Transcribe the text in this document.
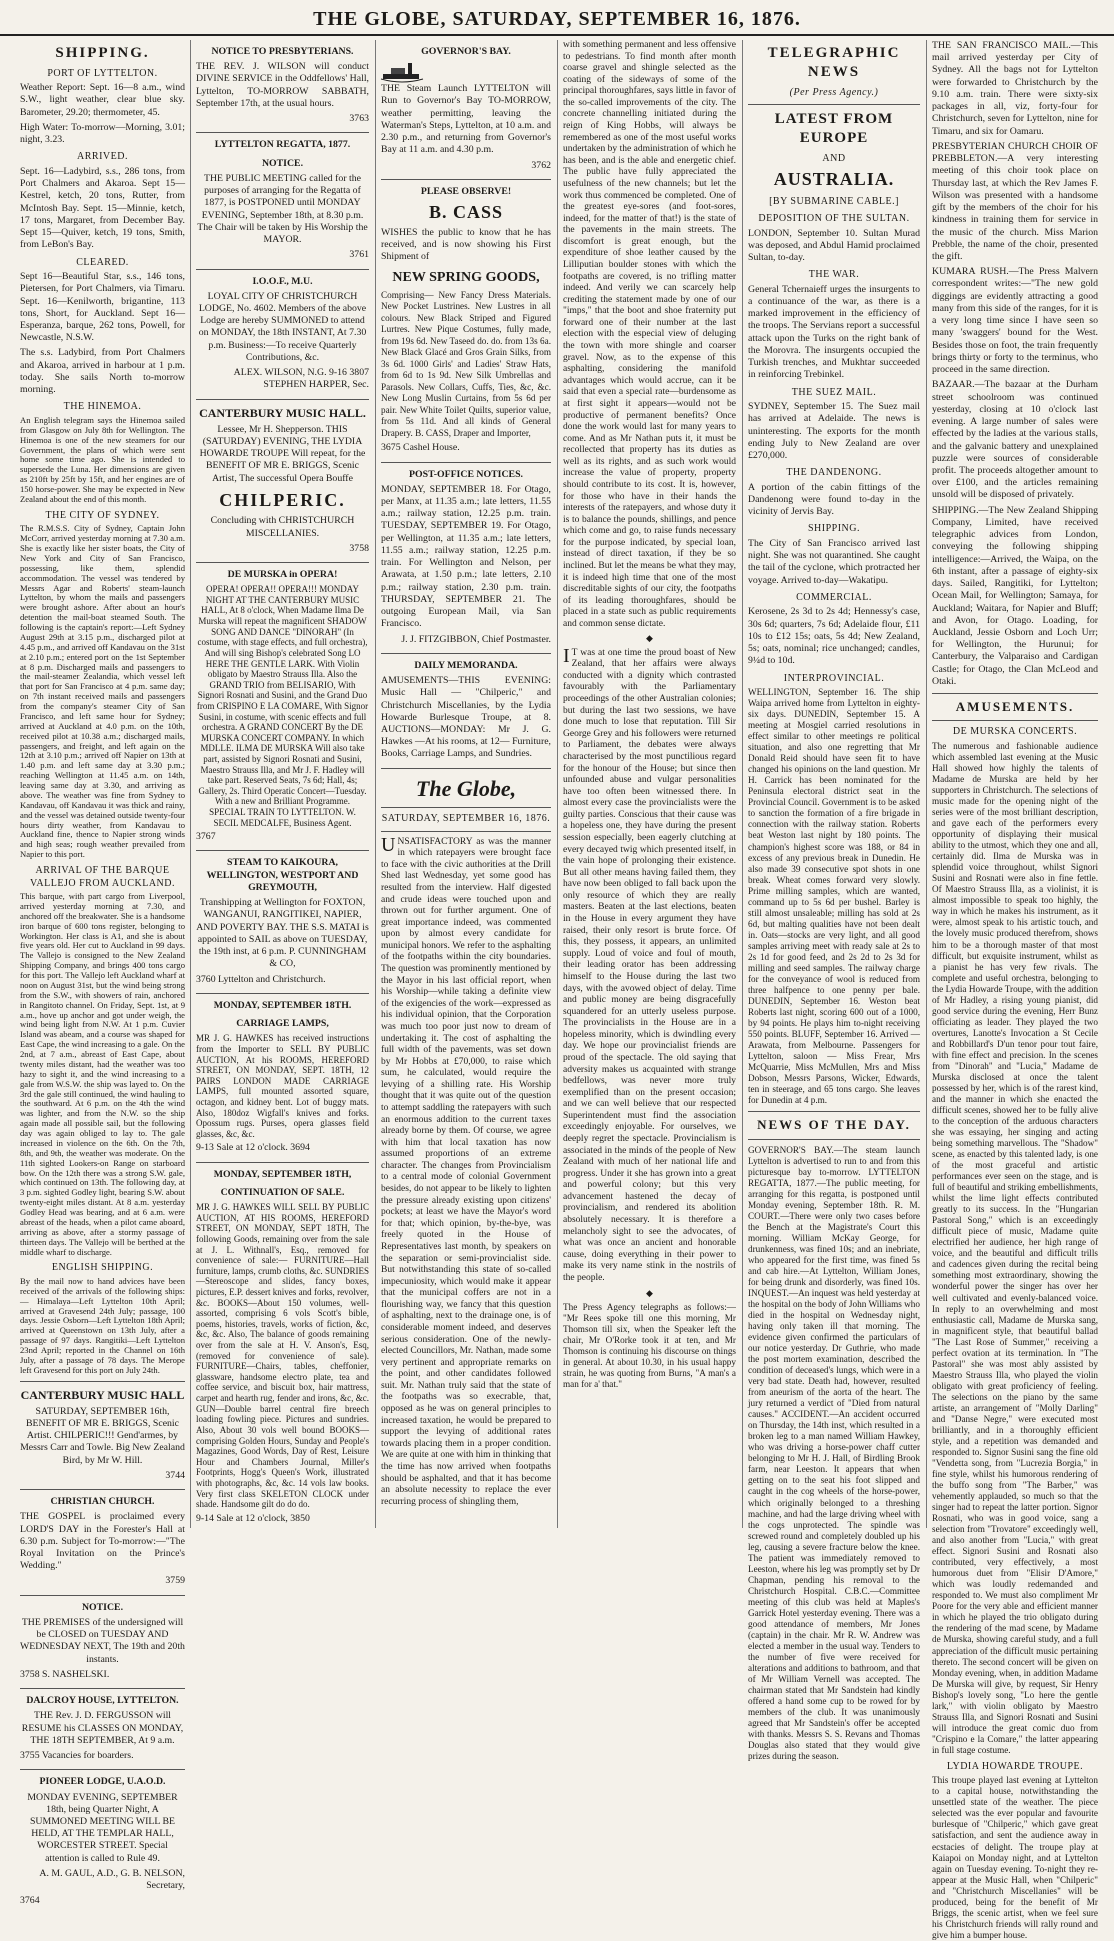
THE GLOBE, SATURDAY, SEPTEMBER 16, 1876.
SHIPPING.
PORT OF LYTTELTON.

Weather Report: Sept. 16—8 a.m., wind S.W., light weather, clear blue sky. Barometer, 29.20; thermometer, 45.

High Water: To-morrow—Morning, 3.01; night, 3.23.

ARRIVED.

Sept. 16—Ladybird, s.s., 286 tons, from Port Chalmers and Akaroa. Sept 15—Kestrel, ketch, 20 tons, Rutter, from McIntosh Bay. Sept. 15—Minnie, ketch, 17 tons, Margaret, from December Bay. Sept 15—Quiver, ketch, 19 tons, Smith, from LeBon's Bay.

CLEARED.

Sept 16—Beautiful Star, s.s., 146 tons, Pietersen, for Port Chalmers, via Timaru. Sept. 16—Kenilworth, brigantine, 113 tons, Short, for Auckland. Sept 16—Esperanza, barque, 262 tons, Powell, for Newcastle, N.S.W.

The s.s. Ladybird, from Port Chalmers and Akaroa, arrived in harbour at 1 p.m. today. She sails North to-morrow morning.

THE HINEMOA.

An English telegram says the Hinemoa sailed from Glasgow on July 8th for Wellington. The Hinemoa is one of the new steamers for our Government, the plans of which were sent home some time ago. She is intended to supersede the Luna. Her dimensions are given as 210ft by 25ft by 15ft, and her engines are of 150 horse-power. She may be expected in New Zealand about the end of this month.

THE CITY OF SYDNEY.

The R.M.S.S. City of Sydney, Captain John McCorr, arrived yesterday morning at 7.30 a.m. She is exactly like her sister boats, the City of New York and City of San Francisco, possessing, like them, splendid accommodation. The vessel was tendered by Messrs Agar and Roberts' steam-launch Lyttelton, by whom the mails and passengers were brought ashore. After about an hour's detention the mail-boat steamed South. The following is the captain's report:—Left Sydney August 29th at 3.15 p.m., discharged pilot at 4.45 p.m., and arrived off Kandavau on the 31st at 2.10 p.m.; entered port on the 1st September at 8 p.m. Discharged mails and passengers to the mail-steamer Zealandia, which vessel left that port for San Francisco at 4 p.m. same day; on 7th instant received mails and passengers from the company's steamer City of San Francisco, and left same hour for Sydney; arrived at Auckland at 4.0 p.m. on the 10th, received pilot at 10.38 a.m.; discharged mails, passengers, and freight, and left again on the 12th at 3.10 p.m.; arrived off Napier on 13th at 1.40 p.m. and left same day at 3.30 p.m.; reaching Wellington at 11.45 a.m. on 14th, leaving same day at 3.30, and arriving as above. The weather was fine from Sydney to Kandavau, off Kandavau it was thick and rainy, and the vessel was detained outside twenty-four hours dirty weather, from Kandavau to Auckland fine, thence to Napier strong winds and high seas; rough weather prevailed from Napier to this port.

ARRIVAL OF THE BARQUE VALLEJO FROM AUCKLAND.

This barque, with part cargo from Liverpool, arrived yesterday morning at 7.30, and anchored off the breakwater. She is a handsome iron barque of 600 tons register, belonging to Workington. Her class is A1, and she is about five years old. Her cut to Auckland in 99 days. The Vallejo is consigned to the New Zealand Shipping Company, and brings 400 tons cargo for this port. The Vallejo left Auckland wharf at noon on August 31st, but the wind being strong from the S.W., with showers of rain, anchored in Rangitoto channel. On Friday, Sept. 1st, at 9 a.m., hove up anchor and got under weigh, the wind being light from N.W. At 1 p.m. Cuvier Island was abeam, and a course was shaped for East Cape, the wind increasing to a gale. On the 2nd, at 7 a.m., abreast of East Cape, about twenty miles distant, had the weather was too hazy to sight it, and the wind increasing to a gale from W.S.W. the ship was layed to. On the 3rd the gale still continued, the wind hauling to the southward. At 6 p.m. on the 4th the wind was lighter, and from the N.W. so the ship again made all possible sail, but the following day was again obliged to lay to. The gale increased in violence on the 6th. On the 7th, 8th, and 9th, the weather was moderate. On the 11th sighted Lookers-on Range on starboard bow. On the 12th there was a strong S.W. gale, which continued on 13th. The following day, at 3 p.m. sighted Godley light, bearing S.W. about twenty-eight miles distant. At 8 a.m. yesterday Godley Head was bearing, and at 6 a.m. were abreast of the heads, when a pilot came aboard, arriving as above, after a stormy passage of thirteen days. The Vallejo will be berthed at the middle wharf to discharge.

ENGLISH SHIPPING.

By the mail now to hand advices have been received of the arrivals of the following ships:— Himalaya—Left Lyttelton 10th April; arrived at Gravesend 24th July; passage, 100 days. Jessie Osborn—Left Lyttelton 18th April; arrived at Queenstown on 13th July, after a passage of 97 days. Rangitiki—Left Lyttelton 23nd April; reported in the Channel on 16th July, after a passage of 78 days. The Merope left Gravesend for this port on July 24th.

CANTERBURY MUSIC HALL

SATURDAY, SEPTEMBER 16th, BENEFIT OF MR E. BRIGGS, Scenic Artist. CHILPERIC!!! Gend'armes, by Messrs Carr and Towle. Big New Zealand Bird, by Mr W. Hill.

3744

CHRISTIAN CHURCH.

THE GOSPEL is proclaimed every LORD'S DAY in the Forester's Hall at 6.30 p.m. Subject for To-morrow:—"The Royal Invitation on the Prince's Wedding."

3759

NOTICE.

THE PREMISES of the undersigned will be CLOSED on TUESDAY AND WEDNESDAY NEXT, The 19th and 20th instants.

3758 S. NASHELSKI.

DALCROY HOUSE, LYTTELTON.

THE Rev. J. D. FERGUSSON will RESUME his CLASSES ON MONDAY, THE 18TH SEPTEMBER, At 9 a.m.

3755 Vacancies for boarders.

PIONEER LODGE, U.A.O.D.

MONDAY EVENING, SEPTEMBER 18th, being Quarter Night, A SUMMONED MEETING WILL BE HELD, AT THE TEMPLAR HALL, WORCESTER STREET. Special attention is called to Rule 49.

A. M. GAUL, A.D., G. B. NELSON, Secretary,

3764

NOTICE TO PRESBYTERIANS.

THE REV. J. WILSON will conduct DIVINE SERVICE in the Oddfellows' Hall, Lyttelton, TO-MORROW SABBATH, September 17th, at the usual hours.

3763

LYTTELTON REGATTA, 1877.
NOTICE.

THE PUBLIC MEETING called for the purposes of arranging for the Regatta of 1877, is POSTPONED until MONDAY EVENING, September 18th, at 8.30 p.m. The Chair will be taken by His Worship the MAYOR.

3761

I.O.O.F., M.U.

LOYAL CITY OF CHRISTCHURCH LODGE, No. 4602. Members of the above Lodge are hereby SUMMONED to attend on MONDAY, the 18th INSTANT, At 7.30 p.m. Business:—To receive Quarterly Contributions, &c.

ALEX. WILSON, N.G. 9-16 3807 STEPHEN HARPER, Sec.

CANTERBURY MUSIC HALL.

Lessee, Mr H. Shepperson. THIS (SATURDAY) EVENING, THE LYDIA HOWARDE TROUPE Will repeat, for the BENEFIT OF MR E. BRIGGS, Scenic Artist, The successful Opera Bouffe

CHILPERIC.

Concluding with CHRISTCHURCH MISCELLANIES.

3758

DE MURSKA in OPERA!

OPERA! OPERA!! OPERA!!! MONDAY NIGHT AT THE CANTERBURY MUSIC HALL, At 8 o'clock, When Madame Ilma De Murska will repeat the magnificent SHADOW SONG AND DANCE "DINORAH" (In costume, with stage effects, and full orchestra), And will sing Bishop's celebrated Song LO HERE THE GENTLE LARK. With Violin obligato by Maestro Strauss Illa. Also the GRAND TRIO from BELISARIO, With Signori Rosnati and Susini, and the Grand Duo from CRISPINO E LA COMARE, With Signor Susini, in costume, with scenic effects and full orchestra. A GRAND CONCERT By the DE MURSKA CONCERT COMPANY. In which MDLLE. ILMA DE MURSKA Will also take part, assisted by Signori Rosnati and Susini, Maestro Strauss Illa, and Mr J. F. Hadley will take part. Reserved Seats, 7s 6d; Hall, 4s; Gallery, 2s. Third Operatic Concert—Tuesday. With a new and Brilliant Programme. SPECIAL TRAIN TO LYTTELTON. W. SECIL MEDCALFE, Business Agent.

3767

STEAM TO KAIKOURA, WELLINGTON, WESTPORT AND GREYMOUTH,

Transhipping at Wellington for FOXTON, WANGANUI, RANGITIKEI, NAPIER, AND POVERTY BAY. THE S.S. MATAI is appointed to SAIL as above on TUESDAY, the 19th inst, at 6 p.m. P. CUNNINGHAM & CO,

3760 Lyttelton and Christchurch.

MONDAY, SEPTEMBER 18TH.
CARRIAGE LAMPS,

MR J. G. HAWKES has received instructions from the Importer to SELL BY PUBLIC AUCTION, At his ROOMS, HEREFORD STREET, ON MONDAY, SEPT. 18TH, 12 PAIRS LONDON MADE CARRIAGE LAMPS, full mounted assorted square, octagon, and kidney bent. Lot of buggy mats. Also, 180doz Wigfall's knives and forks. Opossum rugs. Purses, opera glasses field glasses, &c, &c.

9-13 Sale at 12 o'clock. 3694

MONDAY, SEPTEMBER 18TH,
CONTINUATION OF SALE.

MR J. G. HAWKES WILL SELL BY PUBLIC AUCTION, AT HIS ROOMS, HEREFORD STREET, ON MONDAY, SEPT 18TH, The following Goods, remaining over from the sale at J. L. Withnall's, Esq., removed for convenience of sale:— FURNITURE—Hall furniture, lamps, crumb cloths, &c. SUNDRIES—Stereoscope and slides, fancy boxes, pictures, E.P. dessert knives and forks, revolver, &c. BOOKS—About 150 volumes, well-assorted, comprising 6 vols Scott's bible, poems, histories, travels, works of fiction, &c, &c, &c. Also, The balance of goods remaining over from the sale at H. V. Anson's, Esq, (removed for convenience of sale). FURNITURE—Chairs, tables, cheffonier, glassware, handsome electro plate, tea and coffee service, and biscuit box, hair mattress, carpet and hearth rug, fender and irons, &c, &c. GUN—Double barrel central fire breech loading fowling piece. Pictures and sundries. Also, About 30 vols well bound BOOKS—comprising Golden Hours, Sunday and People's Magazines, Good Words, Day of Rest, Leisure Hour and Chambers Journal, Miller's Footprints, Hogg's Queen's Work, illustrated with photographs, &c, &c. 14 vols law books. Very first class SKELETON CLOCK under shade. Handsome gilt do do do.

9-14 Sale at 12 o'clock, 3850

GOVERNOR'S BAY.

THE Steam Launch LYTTELTON will Run to Governor's Bay TO-MORROW, weather permitting, leaving the Waterman's Steps, Lyttelton, at 10 a.m. and 2.30 p.m., and returning from Governor's Bay at 11 a.m. and 4.30 p.m.

3762

PLEASE OBSERVE!
B. CASS

WISHES the public to know that he has received, and is now showing his First Shipment of

NEW SPRING GOODS,

Comprising— New Fancy Dress Materials. New Pocket Lustrines. New Lustres in all colours. New Black Striped and Figured Lurtres. New Pique Costumes, fully made, from 19s 6d. New Taseed do. do. from 13s 6a. New Black Glacé and Gros Grain Silks, from 3s 6d. 1000 Girls' and Ladies' Straw Hats, from 6d to 1s 9d. New Silk Umbrellas and Parasols. New Collars, Cuffs, Ties, &c, &c. New Long Muslin Curtains, from 5s 6d per pair. New White Toilet Quilts, superior value, from 5s 11d. And all kinds of General Drapery. B. CASS, Draper and Importer,

3675 Cashel House.

POST-OFFICE NOTICES.

MONDAY, SEPTEMBER 18. For Otago, per Manx, at 11.35 a.m.; late letters, 11.55 a.m.; railway station, 12.25 p.m. train. TUESDAY, SEPTEMBER 19. For Otago, per Wellington, at 11.35 a.m.; late letters, 11.55 a.m.; railway station, 12.25 p.m. train. For Wellington and Nelson, per Arawata, at 1.50 p.m.; late letters, 2.10 p.m.; railway station, 2.30 p.m. train. THURSDAY, SEPTEMBER 21. The outgoing European Mail, via San Francisco.

J. J. FITZGIBBON, Chief Postmaster.

DAILY MEMORANDA.

AMUSEMENTS—THIS EVENING: Music Hall — "Chilperic," and Christchurch Miscellanies, by the Lydia Howarde Burlesque Troupe, at 8. AUCTIONS—MONDAY: Mr J. G. Hawkes —At his rooms, at 12— Furniture, Books, Carriage Lamps, and Sundries.

The Globe,
SATURDAY, SEPTEMBER 16, 1876.

UNSATISFACTORY as was the manner in which ratepayers were brought face to face with the civic authorities at the Drill Shed last Wednesday, yet some good has resulted from the interview. Half digested and crude ideas were touched upon and thrown out for further argument. One of great importance indeed, was commented upon by almost every candidate for municipal honors. We refer to the asphalting of the footpaths within the city boundaries. The question was prominently mentioned by the Mayor in his last official report, when his Worship—while taking a definite view of the exigencies of the work—expressed as his individual opinion, that the Corporation was much too poor just now to dream of undertaking it. The cost of asphalting the full width of the pavements, was set down by Mr Hobbs at £70,000, to raise which sum, he calculated, would require the levying of a shilling rate. His Worship thought that it was quite out of the question to attempt saddling the ratepayers with such an enormous addition to the current taxes already borne by them. Of course, we agree with him that local taxation has now assumed proportions of an extreme character. The changes from Provincialism to a central mode of colonial Government besides, do not appear to be likely to lighten the pressure already existing upon citizens' pockets; at least we have the Mayor's word for that; which opinion, by-the-bye, was freely quoted in the House of Representatives last month, by speakers on the separation or semi-provincialist side. But notwithstanding this state of so-called impecuniosity, which would make it appear that the municipal coffers are not in a flourishing way, we fancy that this question of asphalting, next to the drainage one, is of considerable moment indeed, and deserves serious consideration. One of the newly-elected Councillors, Mr. Nathan, made some very pertinent and appropriate remarks on the point, and other candidates followed suit. Mr. Nathan truly said that the state of the footpaths was so execrable, that, opposed as he was on general principles to increased taxation, he would be prepared to support the levying of additional rates towards placing them in a proper condition. We are quite at one with him in thinking that the time has now arrived when footpaths should be asphalted, and that it has become an absolute necessity to replace the ever recurring process of shingling them,

with something permanent and less offensive to pedestrians. To find month after month coarse gravel and shingle selected as the coating of the sideways of some of the principal thoroughfares, says little in favor of the so-called improvements of the city. The concrete channelling initiated during the reign of King Hobbs, will always be remembered as one of the most useful works undertaken by the administration of which he has been, and is the able and energetic chief. The public have fully appreciated the usefulness of the new channels; but let the work thus commenced be completed. One of the greatest eye-sores (and foot-sores, indeed, for the matter of that!) is the state of the pavements in the main streets. The discomfort is great enough, but the expenditure of shoe leather caused by the Lilliputian boulder stones with which the footpaths are covered, is no trifling matter indeed. And verily we can scarcely help crediting the statement made by one of our "imps," that the boot and shoe fraternity put forward one of their number at the last election with the especial view of deluging the town with more shingle and coarser gravel. Now, as to the expense of this asphalting, considering the manifold advantages which would accrue, can it be said that even a special rate—burdensome as at first sight it appears—would not be productive of permanent benefits? Once done the work would last for many years to come. And as Mr Nathan puts it, it must be recollected that property has its duties as well as its rights, and as such work would increase the value of property, property should contribute to its cost. It is, however, for those who have in their hands the interests of the ratepayers, and whose duty it is to balance the pounds, shillings, and pence which come and go, to raise funds necessary for the purpose indicated, by special loan, instead of direct taxation, if they be so inclined. But let the means be what they may, it is indeed high time that one of the most discreditable sights of our city, the footpaths of its leading thoroughfares, should be placed in a state such as public requirements and common sense dictate.

◆

IT was at one time the proud boast of New Zealand, that her affairs were always conducted with a dignity which contrasted favourably with the Parliamentary proceedings of the other Australian colonies; but during the last two sessions, we have done much to lose that reputation. Till Sir George Grey and his followers were returned to Parliament, the debates were always characterised by the most punctilious regard for the honour of the House; but since then unfounded abuse and vulgar personalities have too often been witnessed there. In almost every case the provincialists were the guilty parties. Conscious that their cause was a hopeless one, they have during the present session especially, been eagerly clutching at every decayed twig which presented itself, in the vain hope of prolonging their existence. But all other means having failed them, they have now been obliged to fall back upon the only resource of which they are really masters. Beaten at the last elections, beaten in the House in every argument they have raised, their only resort is brute force. Of this, they possess, it appears, an unlimited supply. Loud of voice and foul of mouth, their leading orator has been addressing himself to the House during the last two days, with the avowed object of delay. Time and public money are being disgracefully squandered for an utterly useless purpose. The provincialists in the House are in a hopeless minority, which is dwindling every day. We hope our provincialist friends are proud of the spectacle. The old saying that adversity makes us acquainted with strange bedfellows, was never more truly exemplified than on the present occasion; and we can well believe that our respected Superintendent must find the association exceedingly enjoyable. For ourselves, we deeply regret the spectacle. Provincialism is associated in the minds of the people of New Zealand with much of her national life and progress. Under it she has grown into a great and powerful colony; but this very advancement hastened the decay of provincialism, and rendered its abolition absolutely necessary. It is therefore a melancholy sight to see the advocates, of what was once an ancient and honorable cause, doing everything in their power to make its very name stink in the nostrils of the people.

◆

The Press Agency telegraphs as follows:— "Mr Rees spoke till one this morning, Mr Thomson till six, when the Speaker left the chair, Mr O'Rorke took it at ten, and Mr Thomson is continuing his discourse on things in general. At about 10.30, in his usual happy strain, he was quoting from Burns, "A man's a man for a' that."

TELEGRAPHIC NEWS
(Per Press Agency.)
LATEST FROM EUROPE
AND
AUSTRALIA.
[BY SUBMARINE CABLE.]
DEPOSITION OF THE SULTAN.

LONDON, September 10. Sultan Murad was deposed, and Abdul Hamid proclaimed Sultan, to-day.

THE WAR.

General Tchernaieff urges the insurgents to a continuance of the war, as there is a marked improvement in the efficiency of the troops. The Servians report a successful attack upon the Turks on the right bank of the Morovra. The insurgents occupied the Turkish trenches, and Mukhtar succeeded in reinforcing Trebinkel.

THE SUEZ MAIL.

SYDNEY, September 15. The Suez mail has arrived at Adelaide. The news is uninteresting. The exports for the month ending July to New Zealand are over £270,000.

THE DANDENONG.

A portion of the cabin fittings of the Dandenong were found to-day in the vicinity of Jervis Bay.

SHIPPING.

The City of San Francisco arrived last night. She was not quarantined. She caught the tail of the cyclone, which protracted her voyage. Arrived to-day—Wakatipu.

COMMERCIAL.

Kerosene, 2s 3d to 2s 4d; Hennessy's case, 30s 6d; quarters, 7s 6d; Adelaide flour, £11 10s to £12 15s; oats, 5s 4d; New Zealand, 5s; oats, nominal; rice unchanged; candles, 9¼d to 10d.

INTERPROVINCIAL.

WELLINGTON, September 16. The ship Waipa arrived home from Lyttelton in eighty-six days. DUNEDIN, September 15. A meeting at Mosgiel carried resolutions in effect similar to other meetings re political situation, and also one regretting that Mr Donald Reid should have seen fit to have changed his opinions on the land question. Mr H. Carrick has been nominated for the Peninsula electoral district seat in the Provincial Council. Government is to be asked to sanction the formation of a fire brigade in connection with the railway station. Roberts beat Weston last night by 180 points. The champion's highest score was 188, or 84 in excess of any previous break in Dunedin. He also made 39 consecutive spot shots in one break. Wheat comes forward very slowly. Prime milling samples, which are wanted, command up to 5s 6d per bushel. Barley is still almost unsaleable; milling has sold at 2s 6d, but malting qualities have not been dealt in. Oats—stocks are very light, and all good samples arriving meet with ready sale at 2s to 2s 1d for good feed, and 2s 2d to 2s 3d for milling and seed samples. The railway charge for the conveyance of wool is reduced from three halfpence to one penny per bale. DUNEDIN, September 16. Weston beat Roberts last night, scoring 600 out of a 1000, by 94 points. He plays him to-night receiving 550 points. BLUFF, September 16. Arrived — Arawata, from Melbourne. Passengers for Lyttelton, saloon — Miss Frear, Mrs McQuarrie, Miss McMullen, Mrs and Miss Dobson, Messrs Parsons, Wicker, Edwards, ten in steerage, and 65 tons cargo. She leaves for Dunedin at 4 p.m.

NEWS OF THE DAY.

GOVERNOR'S BAY.—The steam launch Lyttelton is advertised to run to and from this picturesque bay to-morrow. LYTTELTON REGATTA, 1877.—The public meeting, for arranging for this regatta, is postponed until Monday evening, September 18th. R. M. COURT.—There were only two cases before the Bench at the Magistrate's Court this morning. William McKay George, for drunkenness, was fined 10s; and an inebriate, who appeared for the first time, was fined 5s and cab hire.—At Lyttelton, William Jones, for being drunk and disorderly, was fined 10s. INQUEST.—An inquest was held yesterday at the hospital on the body of John Williams who died in the hospital on Wednesday night, having only taken ill that morning. The evidence given confirmed the particulars of our notice yesterday. Dr Guthrie, who made the post mortem examination, described the condition of deceased's lungs, which were in a very bad state. Death had, however, resulted from aneurism of the aorta of the heart. The jury returned a verdict of "Died from natural causes." ACCIDENT.—An accident occurred on Thursday, the 14th inst, which resulted in a broken leg to a man named William Hawkey, who was driving a horse-power chaff cutter belonging to Mr H. J. Hall, of Birdling Brook farm, near Leeston. It appears that when getting on to the seat his foot slipped and caught in the cog wheels of the horse-power, which originally belonged to a threshing machine, and had the large driving wheel with the cogs unprotected. The spindle was screwed round and completely doubled up his leg, causing a severe fracture below the knee. The patient was immediately removed to Leeston, where his leg was promptly set by Dr Chapman, pending his removal to the Christchurch Hospital. C.B.C.—Committee meeting of this club was held at Maples's Garrick Hotel yesterday evening. There was a good attendance of members, Mr Jones (captain) in the chair. Mr R. W. Andrew was elected a member in the usual way. Tenders to the number of five were received for alterations and additions to bathroom, and that of Mr William Vernell was accepted. The chairman stated that Mr Sandstein had kindly offered a hand some cup to be rowed for by members of the club. It was unanimously agreed that Mr Sandstein's offer be accepted with thanks. Messrs S. S. Revans and Thomas Douglas also stated that they would give prizes during the season.

THE SAN FRANCISCO MAIL.—This mail arrived yesterday per City of Sydney. All the bags not for Lyttelton were forwarded to Christchurch by the 9.10 a.m. train. There were sixty-six packages in all, viz, forty-four for Christchurch, seven for Lyttelton, nine for Timaru, and six for Oamaru.

PRESBYTERIAN CHURCH CHOIR OF PREBBLETON.—A very interesting meeting of this choir took place on Thursday last, at which the Rev James F. Wilson was presented with a handsome gift by the members of the choir for his kindness in training them for service in the music of the church. Miss Marion Prebble, the name of the choir, presented the gift.

KUMARA RUSH.—The Press Malvern correspondent writes:—"The new gold diggings are evidently attracting a good many from this side of the ranges, for it is a very long time since I have seen so many 'swaggers' bound for the West. Besides those on foot, the train frequently brings thirty or forty to the terminus, who proceed in the same direction.

BAZAAR.—The bazaar at the Durham street schoolroom was continued yesterday, closing at 10 o'clock last evening. A large number of sales were effected by the ladies at the various stalls, and the galvanic battery and unexplained puzzle were sources of considerable profit. The proceeds altogether amount to over £100, and the articles remaining unsold will be disposed of privately.

SHIPPING.—The New Zealand Shipping Company, Limited, have received telegraphic advices from London, conveying the following shipping intelligence:—Arrived, the Waipa, on the 6th instant, after a passage of eighty-six days. Sailed, Rangitiki, for Lyttelton; Ocean Mail, for Wellington; Samaya, for Auckland; Waitara, for Napier and Bluff; and Avon, for Otago. Loading, for Auckland, Jessie Osborn and Loch Urr; for Wellington, the Hurunui; for Canterbury, the Valparaiso and Cardigan Castle; for Otago, the Clan McLeod and Otaki.

AMUSEMENTS.
DE MURSKA CONCERTS.

The numerous and fashionable audience which assembled last evening at the Music Hall showed how highly the talents of Madame de Murska are held by her supporters in Christchurch. The selections of music made for the opening night of the series were of the most brilliant description, and gave each of the performers every opportunity of displaying their musical ability to the utmost, which they one and all, certainly did. Ilma de Murska was in splendid voice throughout, whilst Signori Susini and Rosnati were also in fine fettle. Of Maestro Strauss Illa, as a violinist, it is almost impossible to speak too highly, the way in which he makes his instrument, as it were, almost speak to his artistic touch, and the lovely music produced therefrom, shows him to be a thorough master of that most difficult, but exquisite instrument, whilst as a pianist he has very few rivals. The complete and useful orchestra, belonging to the Lydia Howarde Troupe, with the addition of Mr Hadley, a rising young pianist, did good service during the evening, Herr Bunz officiating as leader. They played the two overtures, Lanotte's Invocation a St Cecile and Robbillard's D'un tenor pour tout faire, with fine effect and precision. In the scenes from "Dinorah" and "Lucia," Madame de Murska disclosed at once the talent possessed by her, which is of the rarest kind, and the manner in which she enacted the difficult scenes, showed her to be fully alive to the conception of the arduous characters she was essaying, her singing and acting being something marvellous. The "Shadow" scene, as enacted by this talented lady, is one of the most graceful and artistic performances ever seen on the stage, and is full of beautiful and striking embellishments, whilst the lime light effects contributed greatly to its success. In the "Hungarian Pastoral Song," which is an exceedingly difficult piece of music, Madame quite electrified her audience, her high range of voice, and the beautiful and difficult trills and cadences given during the recital being something most extraordinary, showing the wonderful power the singer has over her well cultivated and evenly-balanced voice. In reply to an overwhelming and most enthusiastic call, Madame de Murska sang, in magnificent style, that beautiful ballad "The Last Rose of Summer," receiving a perfect ovation at its termination. In "The Pastoral" she was most ably assisted by Maestro Strauss Illa, who played the violin obligato with great proficiency of feeling. The selections on the piano by the same artiste, an arrangement of "Molly Darling" and "Danse Negre," were executed most brilliantly, and in a thoroughly efficient style, and a repetition was demanded and responded to. Signor Susini sang the fine old "Vendetta song, from "Lucrezia Borgia," in fine style, whilst his humorous rendering of the buffo song from "The Barber," was vehemently applauded, so much so that the singer had to repeat the latter portion. Signor Rosnati, who was in good voice, sang a selection from "Trovatore" exceedingly well, and also another from "Lucia," with great effect. Signori Susini and Rosnati also contributed, very effectively, a most humorous duet from "Elisir D'Amore," which was loudly redemanded and responded to. We must also compliment Mr Poore for the very able and efficient manner in which he played the trio obligato during the rendering of the mad scene, by Madame de Murska, showing careful study, and a full appreciation of the difficult music pertaining thereto. The second concert will be given on Monday evening, when, in addition Madame De Murska will give, by request, Sir Henry Bishop's lovely song, "Lo here the gentle lark," with violin obligato by Maestro Strauss Illa, and Signori Rosnati and Susini will introduce the great comic duo from "Crispino e la Comare," the latter appearing in full stage costume.

LYDIA HOWARDE TROUPE.

This troupe played last evening at Lyttelton to a capital house, notwithstanding the unsettled state of the weather. The piece selected was the ever popular and favourite burlesque of "Chilperic," which gave great satisfaction, and sent the audience away in ecstacies of delight. The troupe play at Kaiapoi on Monday night, and at Lyttelton again on Tuesday evening. To-night they re-appear at the Music Hall, when "Chilperic" and "Christchurch Miscellanies" will be produced, being for the benefit of Mr Briggs, the scenic artist, when we feel sure his Christchurch friends will rally round and give him a bumper house.
